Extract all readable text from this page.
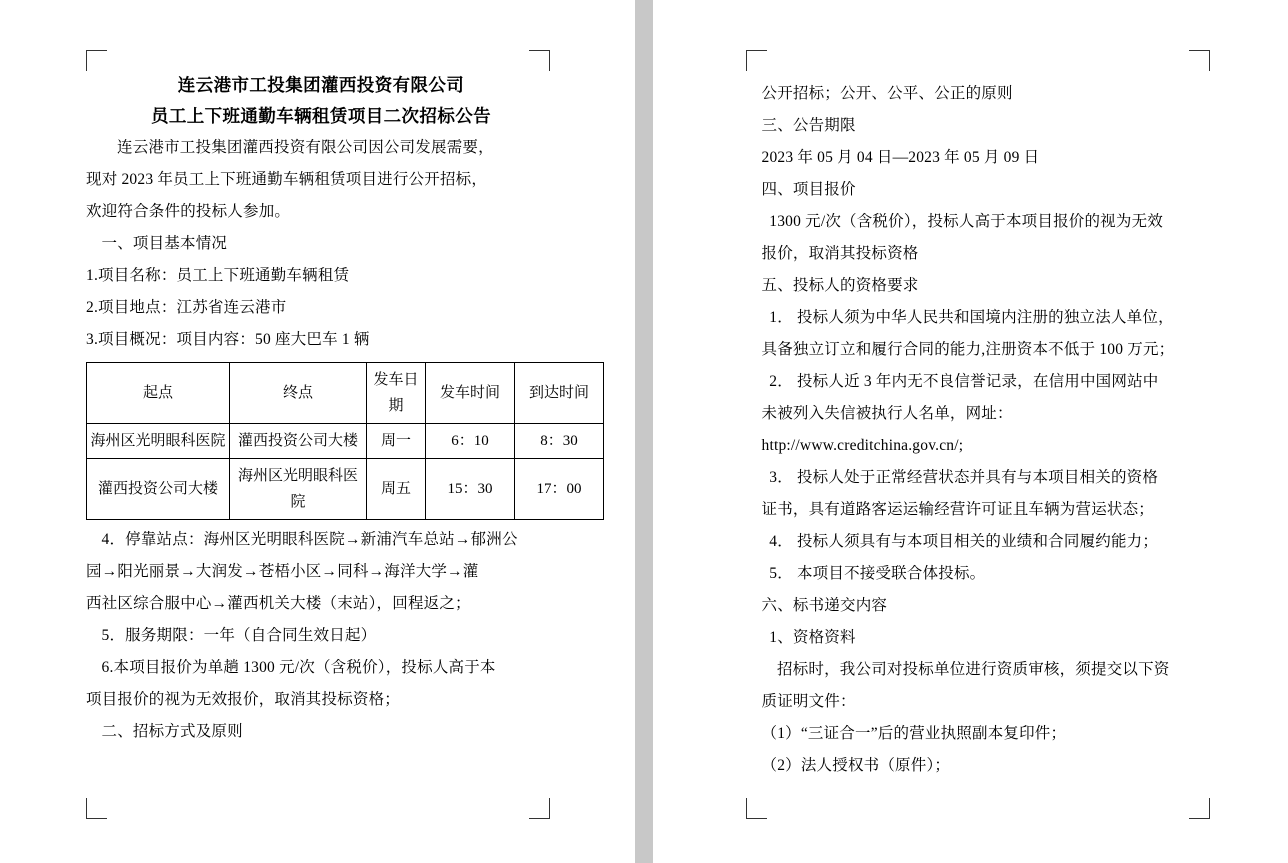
连云港市工投集团灌西投资有限公司
员工上下班通勤车辆租赁项目二次招标公告

连云港市工投集团灌西投资有限公司因公司发展需要，

现对 2023 年员工上下班通勤车辆租赁项目进行公开招标，

欢迎符合条件的投标人参加。

一、项目基本情况

1.项目名称：员工上下班通勤车辆租赁

2.项目地点：江苏省连云港市

3.项目概况：项目内容：50 座大巴车 1 辆

起点	终点	发车日期	发车时间	到达时间
海州区光明眼科医院	灌西投资公司大楼	周一	6：10	8：30
灌西投资公司大楼	海州区光明眼科医院	周五	15：30	17：00

4．停靠站点：海州区光明眼科医院→新浦汽车总站→郁洲公

园→阳光丽景→大润发→苍梧小区→同科→海洋大学→灌

西社区综合服中心→灌西机关大楼（末站），回程返之；

5．服务期限：一年（自合同生效日起）

6.本项目报价为单趟 1300 元/次（含税价），投标人高于本

项目报价的视为无效报价，取消其投标资格；

二、招标方式及原则

公开招标；公开、公平、公正的原则

三、公告期限

2023 年 05 月 04 日—2023 年 05 月 09 日

四、项目报价

1300 元/次（含税价），投标人高于本项目报价的视为无效

报价，取消其投标资格

五、投标人的资格要求

1． 投标人须为中华人民共和国境内注册的独立法人单位，

具备独立订立和履行合同的能力,注册资本不低于 100 万元；

2． 投标人近 3 年内无不良信誉记录，在信用中国网站中

未被列入失信被执行人名单，网址：

http://www.creditchina.gov.cn/;

3． 投标人处于正常经营状态并具有与本项目相关的资格

证书，具有道路客运运输经营许可证且车辆为营运状态；

4． 投标人须具有与本项目相关的业绩和合同履约能力；

5． 本项目不接受联合体投标。

六、标书递交内容

1、资格资料

招标时，我公司对投标单位进行资质审核，须提交以下资

质证明文件：

（1）“三证合一”后的营业执照副本复印件；

（2）法人授权书（原件）；
